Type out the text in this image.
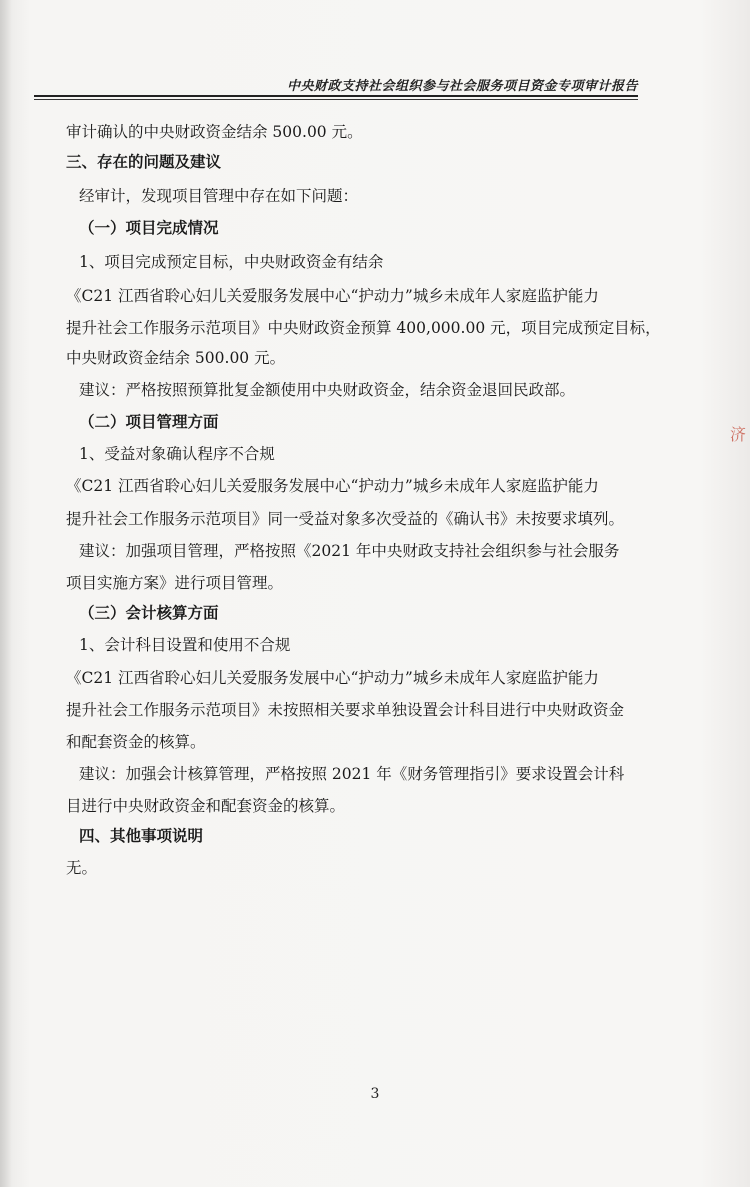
中央财政支持社会组织参与社会服务项目资金专项审计报告
审计确认的中央财政资金结余 500.00 元。
三、存在的问题及建议
经审计，发现项目管理中存在如下问题：
（一）项目完成情况
1、项目完成预定目标，中央财政资金有结余
《C21 江西省聆心妇儿关爱服务发展中心“护动力”城乡未成年人家庭监护能力
提升社会工作服务示范项目》中央财政资金预算 400,000.00 元，项目完成预定目标，
中央财政资金结余 500.00 元。
建议：严格按照预算批复金额使用中央财政资金，结余资金退回民政部。
（二）项目管理方面
1、受益对象确认程序不合规
《C21 江西省聆心妇儿关爱服务发展中心“护动力”城乡未成年人家庭监护能力
提升社会工作服务示范项目》同一受益对象多次受益的《确认书》未按要求填列。
建议：加强项目管理，严格按照《2021 年中央财政支持社会组织参与社会服务
项目实施方案》进行项目管理。
（三）会计核算方面
1、会计科目设置和使用不合规
《C21 江西省聆心妇儿关爱服务发展中心“护动力”城乡未成年人家庭监护能力
提升社会工作服务示范项目》未按照相关要求单独设置会计科目进行中央财政资金
和配套资金的核算。
建议：加强会计核算管理，严格按照 2021 年《财务管理指引》要求设置会计科
目进行中央财政资金和配套资金的核算。
四、其他事项说明
无。
济
3
